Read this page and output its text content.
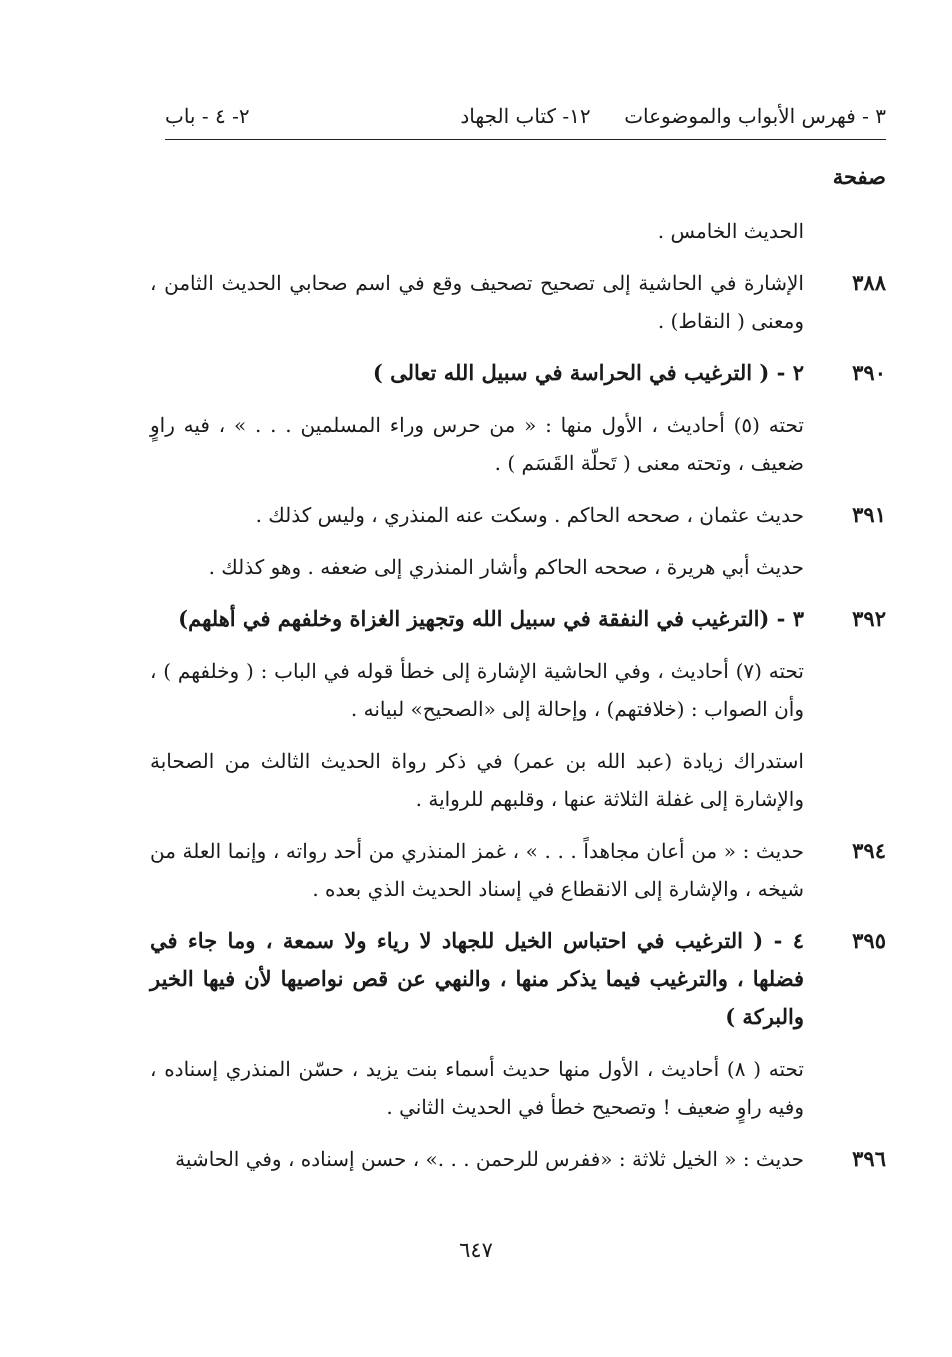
٣ - فهرس الأبواب والموضوعات
١٢- كتاب الجهاد
٢- ٤ - باب
صفحة

الحديث الخامس .

٣٨٨

الإشارة في الحاشية إلى تصحيح تصحيف وقع في اسم صحابي الحديث الثامن ، ومعنى ( النقاط) .

٣٩٠

٢ - ( الترغيب في الحراسة في سبيل الله تعالى )

تحته (٥) أحاديث ، الأول منها : « من حرس وراء المسلمين . . . » ، فيه راوٍ ضعيف ، وتحته معنى ( تَحلّة القَسَم ) .

٣٩١

حديث عثمان ، صححه الحاكم . وسكت عنه المنذري ، وليس كذلك .

حديث أبي هريرة ، صححه الحاكم وأشار المنذري إلى ضعفه . وهو كذلك .

٣٩٢

٣ - (الترغيب في النفقة في سبيل الله وتجهيز الغزاة وخلفهم في أهلهم)

تحته (٧) أحاديث ، وفي الحاشية الإشارة إلى خطأ قوله في الباب : ( وخلفهم ) ، وأن الصواب : (خلافتهم) ، وإحالة إلى «الصحيح» لبيانه .

استدراك زيادة (عبد الله بن عمر) في ذكر رواة الحديث الثالث من الصحابة والإشارة إلى غفلة الثلاثة عنها ، وقلبهم للرواية .

٣٩٤

حديث : « من أعان مجاهداً . . . » ، غمز المنذري من أحد رواته ، وإنما العلة من شيخه ، والإشارة إلى الانقطاع في إسناد الحديث الذي بعده .

٣٩٥

٤ - ( الترغيب في احتباس الخيل للجهاد لا رياء ولا سمعة ، وما جاء في فضلها ، والترغيب فيما يذكر منها ، والنهي عن قص نواصيها لأن فيها الخير والبركة )

تحته ( ٨) أحاديث ، الأول منها حديث أسماء بنت يزيد ، حسّن المنذري إسناده ، وفيه راوٍ ضعيف ! وتصحيح خطأ في الحديث الثاني .

٣٩٦

حديث : « الخيل ثلاثة : «ففرس للرحمن . . .» ، حسن إسناده ، وفي الحاشية

٦٤٧
